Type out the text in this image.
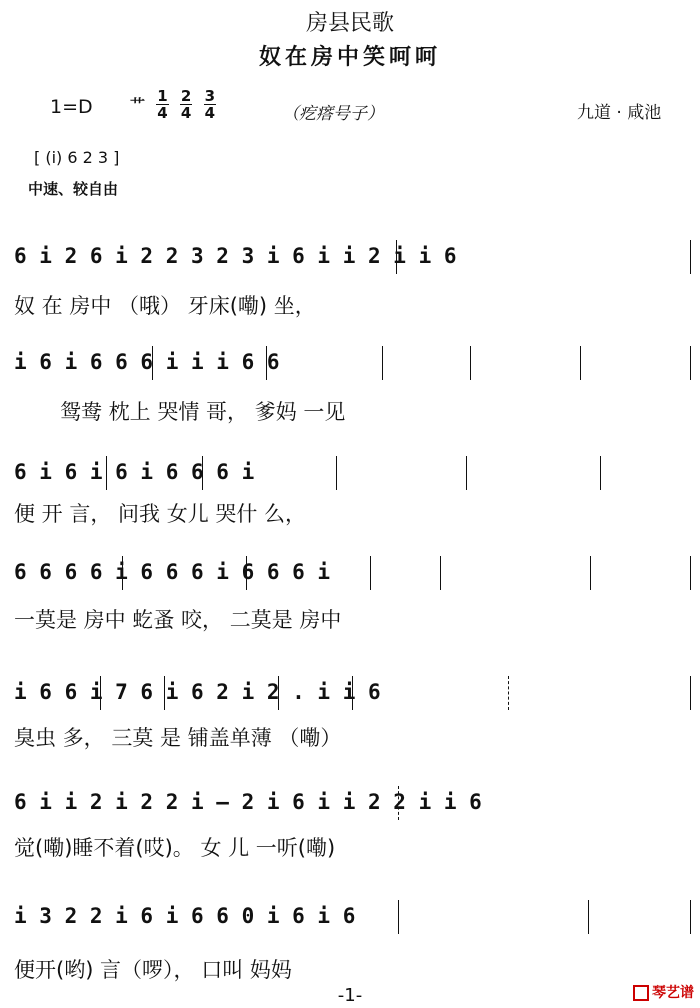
房县民歌
奴在房中笑呵呵
1=D 艹 $\frac{1}{4}$
$\frac{2}{4}$
$\frac{3}{4}$	（疙瘩号子）	九道 · 咸池
[ (i) 6 2 3 ]
中速、较自由
6 i 2 6 i 2 2 3 2 3 i 6 i i 2 i i 6
奴 在 房中 （哦） 牙床(嘞) 坐，
i 6 i 6 6 6 i i i 6 6
鸳鸯 枕上 哭情 哥， 爹妈 一见
6 i 6 i 6 i 6 6 6 i
便 开 言， 问我 女儿 哭什 么，
6 6 6 6 i 6 6 6 i 6 6 6 i
一莫是 房中 虼蚤 咬， 二莫是 房中
i 6 6 i 7 6 i 6 2 i 2 . i i 6
臭虫 多， 三莫 是 铺盖单薄 （嘞）
6 i i 2 i 2 2 i — 2 i 6 i i 2 2 i i 6
觉(嘞)睡不着(哎)。 女 儿 一听(嘞)
i 3 2 2 i 6 i 6 6 0 i 6 i 6
便开(哟) 言（啰）， 口叫 妈妈
-1-	琴艺谱
